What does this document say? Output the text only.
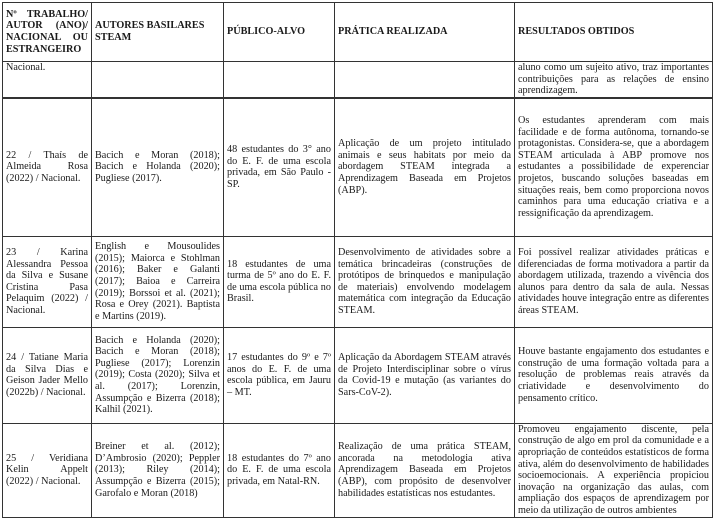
Nº TRABALHO/ AUTOR (ANO)/ NACIONAL OU ESTRANGEIRO	AUTORES BASILARES STEAM	PÚBLICO-ALVO	PRÁTICA REALIZADA	RESULTADOS OBTIDOS
Nacional.				aluno como um sujeito ativo, traz importantes contribuições para as relações de ensino aprendizagem.
22 / Thaís de Almeida Rosa (2022) / Nacional.	Bacich e Moran (2018); Bacich e Holanda (2020); Pugliese (2017).	48 estudantes do 3° ano do E. F. de uma escola privada, em São Paulo - SP.	Aplicação de um projeto intitulado animais e seus habitats por meio da abordagem STEAM integrada a Aprendizagem Baseada em Projetos (ABP).	Os estudantes aprenderam com mais facilidade e de forma autônoma, tornando-se protagonistas. Considera-se, que a abordagem STEAM articulada à ABP promove nos estudantes a possibilidade de experenciar projetos, buscando soluções baseadas em situações reais, bem como proporciona novos caminhos para uma educação criativa e a ressignificação da aprendizagem.
23 / Karina Alessandra Pessoa da Silva e Susane Cristina Pasa Pelaquim (2022) / Nacional.	English e Mousoulides (2015); Maiorca e Stohlman (2016); Baker e Galanti (2017); Baioa e Carreira (2019); Borssoi et al. (2021); Rosa e Orey (2021). Baptista e Martins (2019).	18 estudantes de uma turma de 5º ano do E. F. de uma escola pública no Brasil.	Desenvolvimento de atividades sobre a temática brincadeiras (construções de protótipos de brinquedos e manipulação de materiais) envolvendo modelagem matemática com integração da Educação STEAM.	Foi possível realizar atividades práticas e diferenciadas de forma motivadora a partir da abordagem utilizada, trazendo a vivência dos alunos para dentro da sala de aula. Nessas atividades houve integração entre as diferentes áreas STEAM.
24 / Tatiane Maria da Silva Dias e Geison Jader Mello (2022b) / Nacional.	Bacich e Holanda (2020); Bacich e Moran (2018); Pugliese (2017); Lorenzin (2019); Costa (2020); Silva et al. (2017); Lorenzin, Assumpção e Bizerra (2018); Kalhil (2021).	17 estudantes do 9º e 7º anos do E. F. de uma escola pública, em Jauru – MT.	Aplicação da Abordagem STEAM através de Projeto Interdisciplinar sobre o vírus da Covid-19 e mutação (as variantes do Sars-CoV-2).	Houve bastante engajamento dos estudantes e construção de uma formação voltada para a resolução de problemas reais através da criatividade e desenvolvimento do pensamento crítico.
25 / Veridiana Kelin Appelt (2022) / Nacional.	Breiner et al. (2012); D’Ambrosio (2020); Peppler (2013); Riley (2014); Assumpção e Bizerra (2015); Garofalo e Moran (2018)	18 estudantes do 7º ano do E. F. de uma escola privada, em Natal-RN.	Realização de uma prática STEAM, ancorada na metodologia ativa Aprendizagem Baseada em Projetos (ABP), com propósito de desenvolver habilidades estatísticas nos estudantes.	Promoveu engajamento discente, pela construção de algo em prol da comunidade e a apropriação de conteúdos estatísticos de forma ativa, além do desenvolvimento de habilidades socioemocionais. A experiência propiciou inovação na organização das aulas, com ampliação dos espaços de aprendizagem por meio da utilização de outros ambientes
